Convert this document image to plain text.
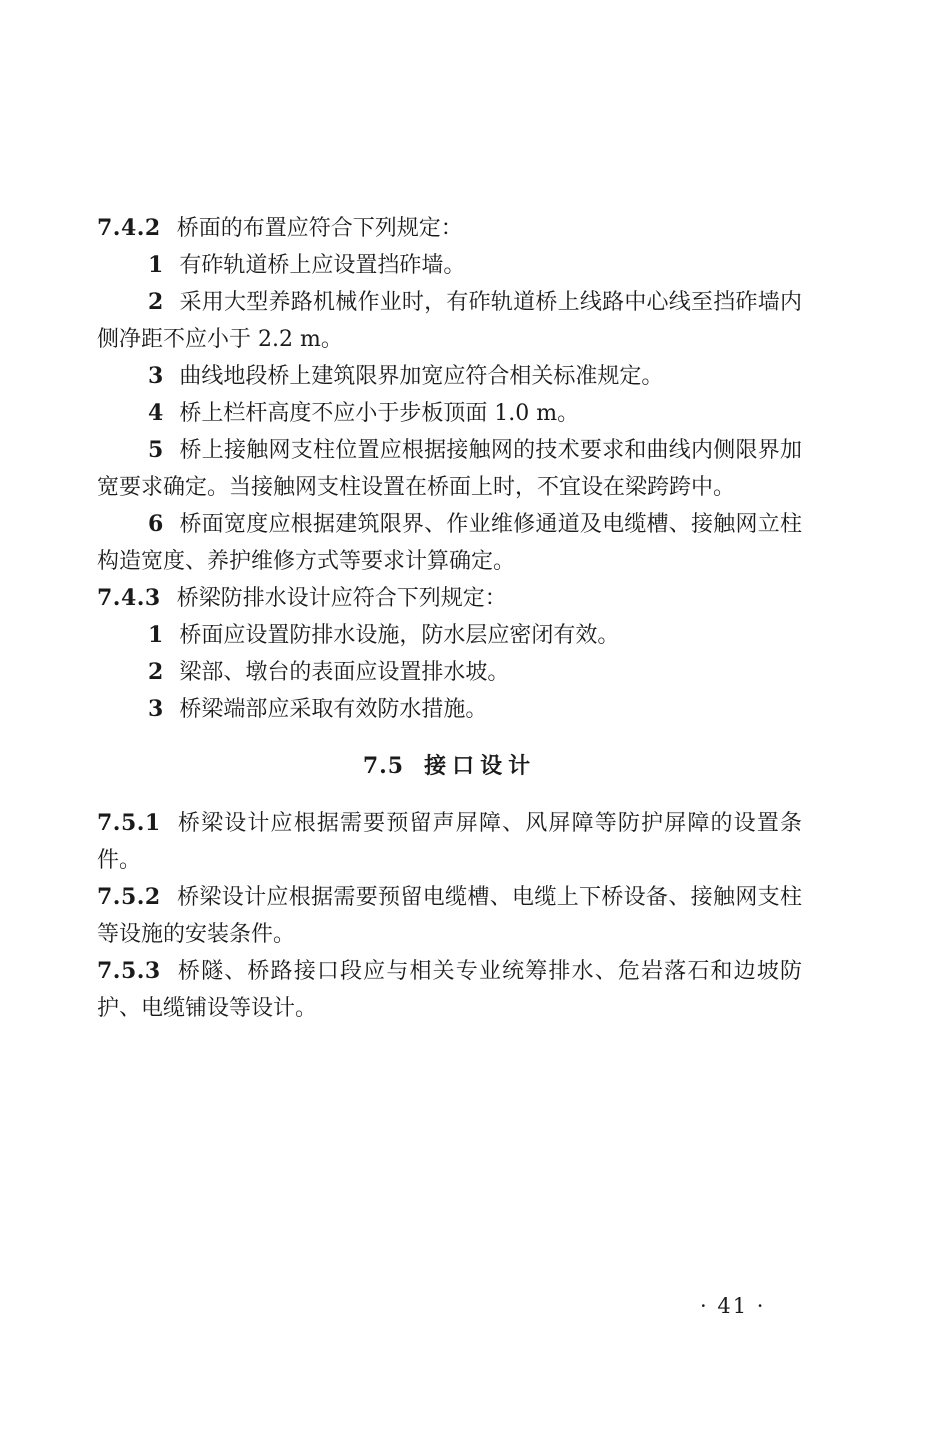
7.4.2 桥面的布置应符合下列规定：

1 有砟轨道桥上应设置挡砟墙。

2 采用大型养路机械作业时，有砟轨道桥上线路中心线至挡砟墙内侧净距不应小于 2.2 m。

3 曲线地段桥上建筑限界加宽应符合相关标准规定。

4 桥上栏杆高度不应小于步板顶面 1.0 m。

5 桥上接触网支柱位置应根据接触网的技术要求和曲线内侧限界加宽要求确定。当接触网支柱设置在桥面上时，不宜设在梁跨跨中。

6 桥面宽度应根据建筑限界、作业维修通道及电缆槽、接触网立柱构造宽度、养护维修方式等要求计算确定。

7.4.3 桥梁防排水设计应符合下列规定：

1 桥面应设置防排水设施，防水层应密闭有效。

2 梁部、墩台的表面应设置排水坡。

3 桥梁端部应采取有效防水措施。

7.5 接口设计

7.5.1 桥梁设计应根据需要预留声屏障、风屏障等防护屏障的设置条件。

7.5.2 桥梁设计应根据需要预留电缆槽、电缆上下桥设备、接触网支柱等设施的安装条件。

7.5.3 桥隧、桥路接口段应与相关专业统筹排水、危岩落石和边坡防护、电缆铺设等设计。

· 41 ·
